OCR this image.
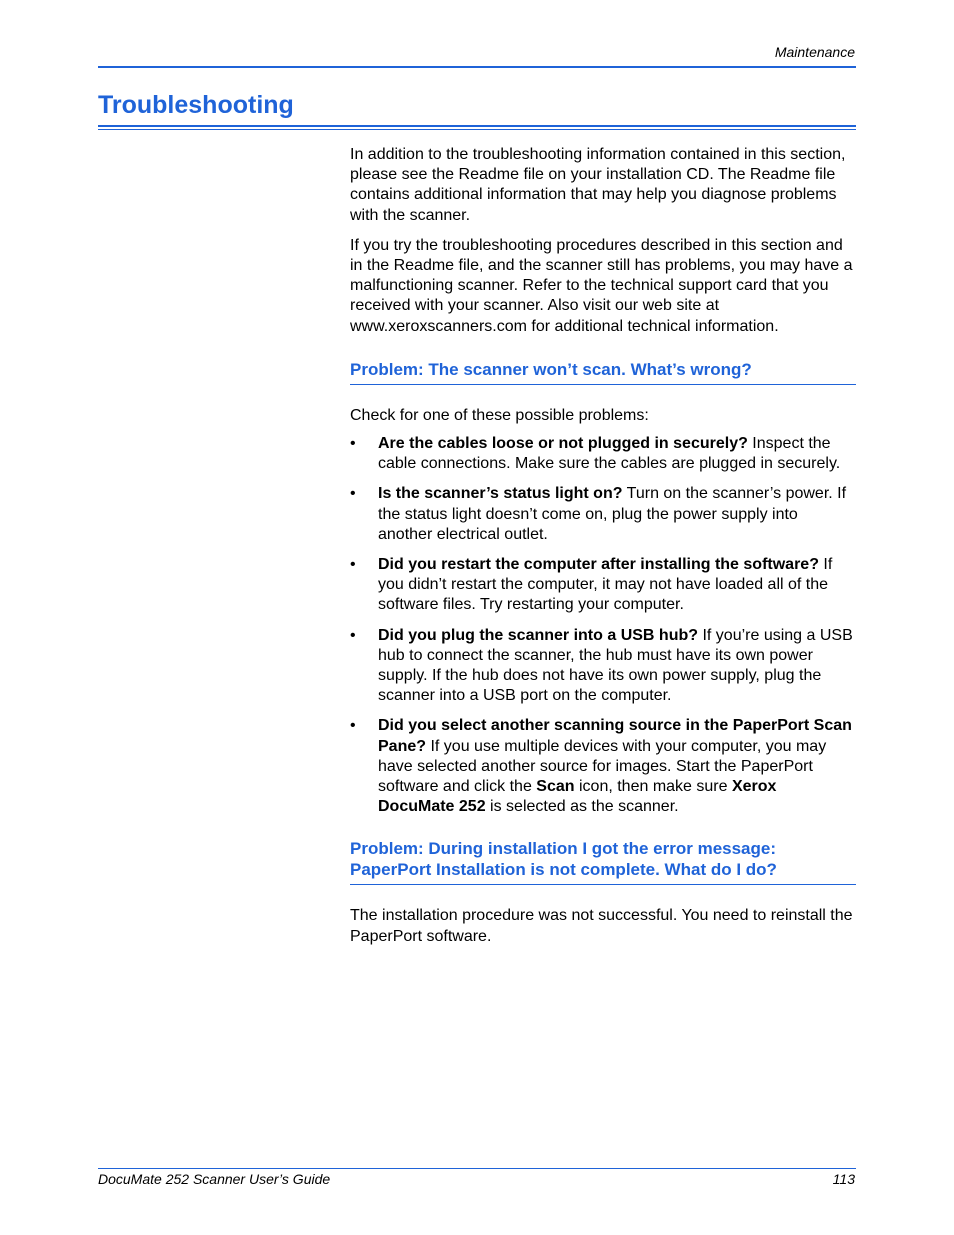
Maintenance
Troubleshooting

In addition to the troubleshooting information contained in this section, please see the Readme file on your installation CD. The Readme file contains additional information that may help you diagnose problems with the scanner.

If you try the troubleshooting procedures described in this section and in the Readme file, and the scanner still has problems, you may have a malfunctioning scanner. Refer to the technical support card that you received with your scanner. Also visit our web site at www.xeroxscanners.com for additional technical information.

Problem: The scanner won’t scan. What’s wrong?

Check for one of these possible problems:

• Are the cables loose or not plugged in securely? Inspect the cable connections. Make sure the cables are plugged in securely.
• Is the scanner’s status light on? Turn on the scanner’s power. If the status light doesn’t come on, plug the power supply into another electrical outlet.
• Did you restart the computer after installing the software? If you didn’t restart the computer, it may not have loaded all of the software files. Try restarting your computer.
• Did you plug the scanner into a USB hub? If you’re using a USB hub to connect the scanner, the hub must have its own power supply. If the hub does not have its own power supply, plug the scanner into a USB port on the computer.
• Did you select another scanning source in the PaperPort Scan Pane? If you use multiple devices with your computer, you may have selected another source for images. Start the PaperPort software and click the Scan icon, then make sure Xerox DocuMate 252 is selected as the scanner.
Problem: During installation I got the error message: PaperPort Installation is not complete. What do I do?

The installation procedure was not successful. You need to reinstall the PaperPort software.

DocuMate 252 Scanner User’s Guide	113
